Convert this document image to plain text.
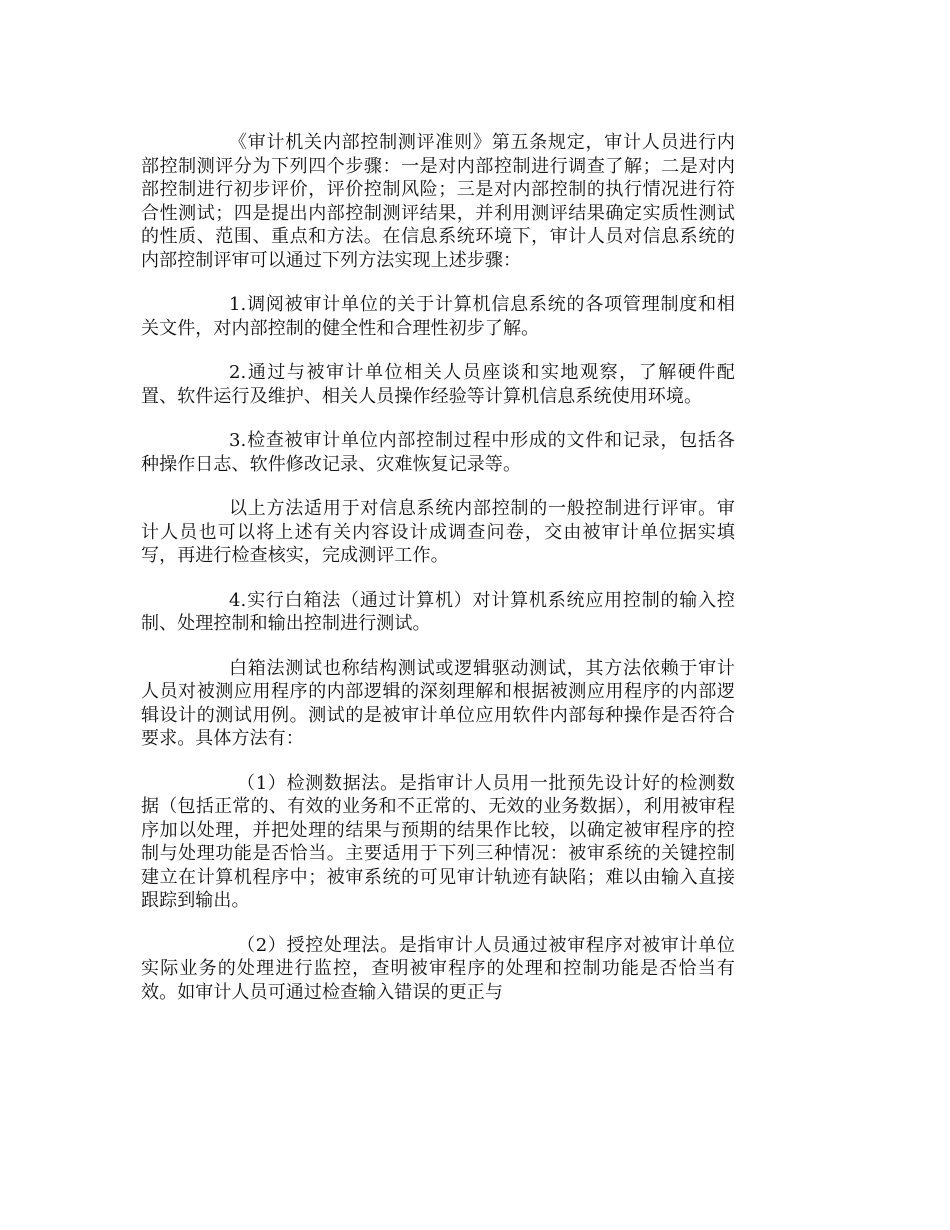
《审计机关内部控制测评准则》第五条规定，审计人员进行内部控制测评分为下列四个步骤：一是对内部控制进行调查了解；二是对内部控制进行初步评价，评价控制风险；三是对内部控制的执行情况进行符合性测试；四是提出内部控制测评结果，并利用测评结果确定实质性测试的性质、范围、重点和方法。在信息系统环境下，审计人员对信息系统的内部控制评审可以通过下列方法实现上述步骤：

1.调阅被审计单位的关于计算机信息系统的各项管理制度和相关文件，对内部控制的健全性和合理性初步了解。

2.通过与被审计单位相关人员座谈和实地观察，了解硬件配置、软件运行及维护、相关人员操作经验等计算机信息系统使用环境。

3.检查被审计单位内部控制过程中形成的文件和记录，包括各种操作日志、软件修改记录、灾难恢复记录等。

以上方法适用于对信息系统内部控制的一般控制进行评审。审计人员也可以将上述有关内容设计成调查问卷，交由被审计单位据实填写，再进行检查核实，完成测评工作。

4.实行白箱法（通过计算机）对计算机系统应用控制的输入控制、处理控制和输出控制进行测试。

白箱法测试也称结构测试或逻辑驱动测试，其方法依赖于审计人员对被测应用程序的内部逻辑的深刻理解和根据被测应用程序的内部逻辑设计的测试用例。测试的是被审计单位应用软件内部每种操作是否符合要求。具体方法有：

（1）检测数据法。是指审计人员用一批预先设计好的检测数据（包括正常的、有效的业务和不正常的、无效的业务数据），利用被审程序加以处理，并把处理的结果与预期的结果作比较，以确定被审程序的控制与处理功能是否恰当。主要适用于下列三种情况：被审系统的关键控制建立在计算机程序中；被审系统的可见审计轨迹有缺陷；难以由输入直接跟踪到输出。

（2）授控处理法。是指审计人员通过被审程序对被审计单位实际业务的处理进行监控，查明被审程序的处理和控制功能是否恰当有效。如审计人员可通过检查输入错误的更正与
